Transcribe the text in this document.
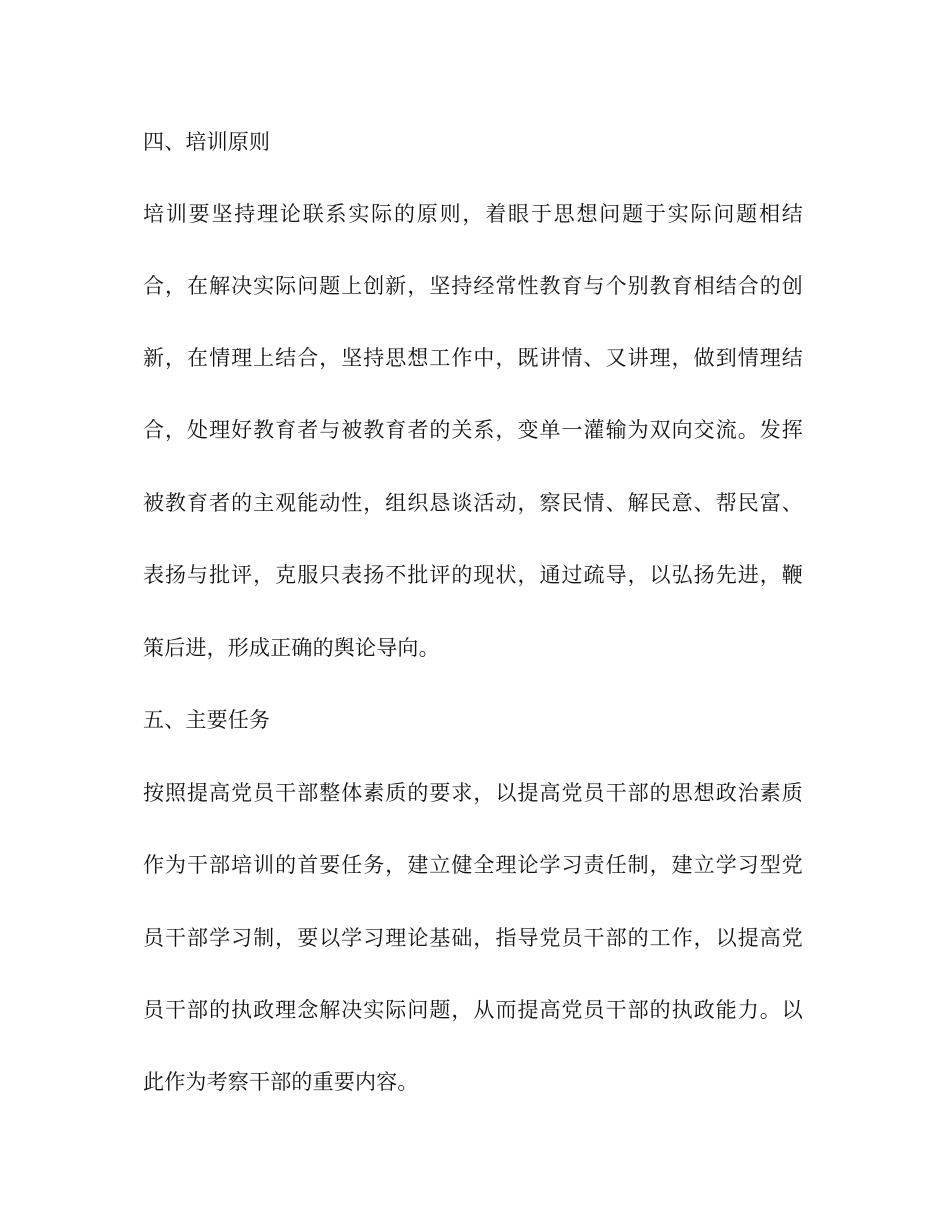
四、培训原则
培训要坚持理论联系实际的原则，着眼于思想问题于实际问题相结
合，在解决实际问题上创新，坚持经常性教育与个别教育相结合的创
新，在情理上结合，坚持思想工作中，既讲情、又讲理，做到情理结
合，处理好教育者与被教育者的关系，变单一灌输为双向交流。发挥
被教育者的主观能动性，组织恳谈活动，察民情、解民意、帮民富、
表扬与批评，克服只表扬不批评的现状，通过疏导，以弘扬先进，鞭
策后进，形成正确的舆论导向。
五、主要任务
按照提高党员干部整体素质的要求，以提高党员干部的思想政治素质
作为干部培训的首要任务，建立健全理论学习责任制，建立学习型党
员干部学习制，要以学习理论基础，指导党员干部的工作，以提高党
员干部的执政理念解决实际问题，从而提高党员干部的执政能力。以
此作为考察干部的重要内容。
